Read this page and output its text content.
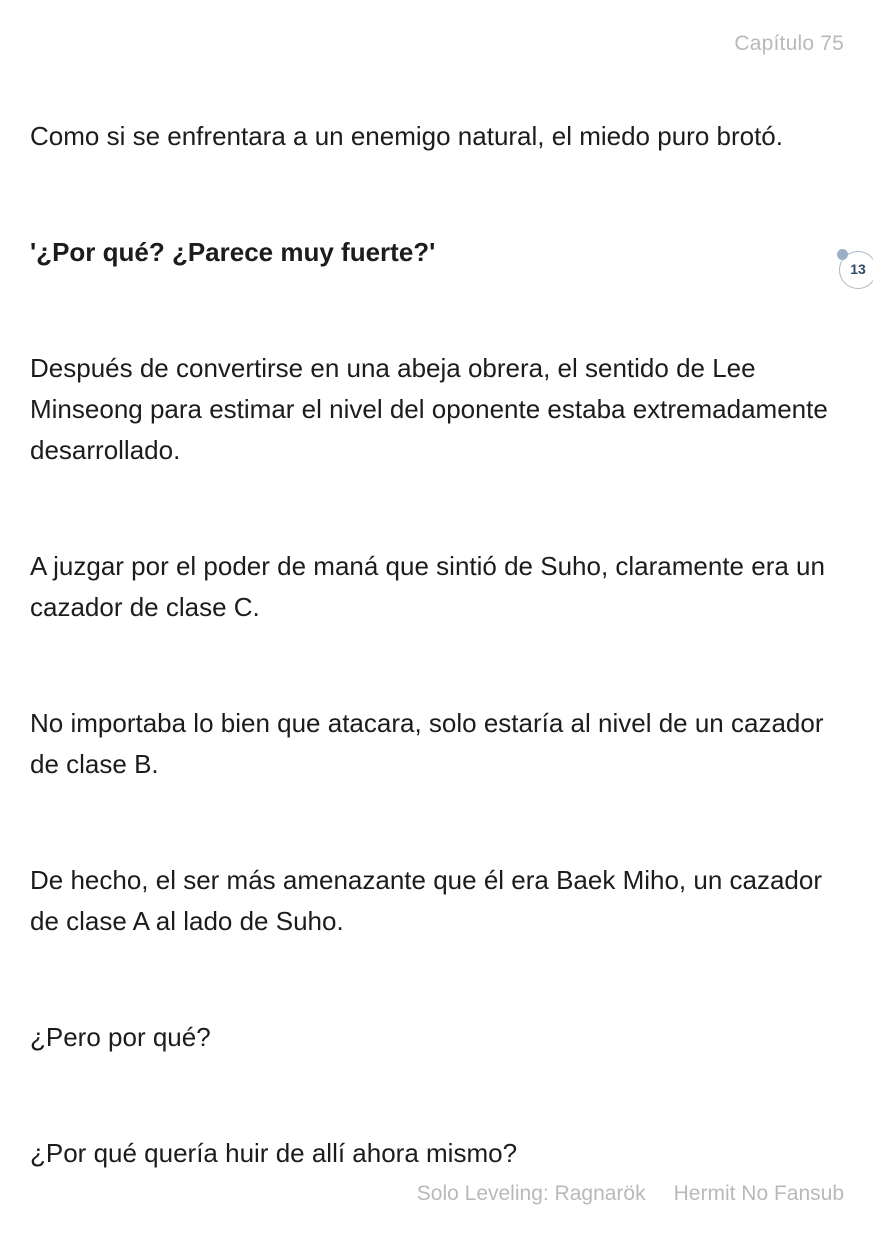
Capítulo 75

Como si se enfrentara a un enemigo natural, el miedo puro brotó.

'¿Por qué? ¿Parece muy fuerte?'

13

Después de convertirse en una abeja obrera, el sentido de Lee Minseong para estimar el nivel del oponente estaba extremadamente desarrollado.

A juzgar por el poder de maná que sintió de Suho, claramente era un cazador de clase C.

No importaba lo bien que atacara, solo estaría al nivel de un cazador de clase B.

De hecho, el ser más amenazante que él era Baek Miho, un cazador de clase A al lado de Suho.

¿Pero por qué?

¿Por qué quería huir de allí ahora mismo?

Solo Leveling: Ragnarök Hermit No Fansub
